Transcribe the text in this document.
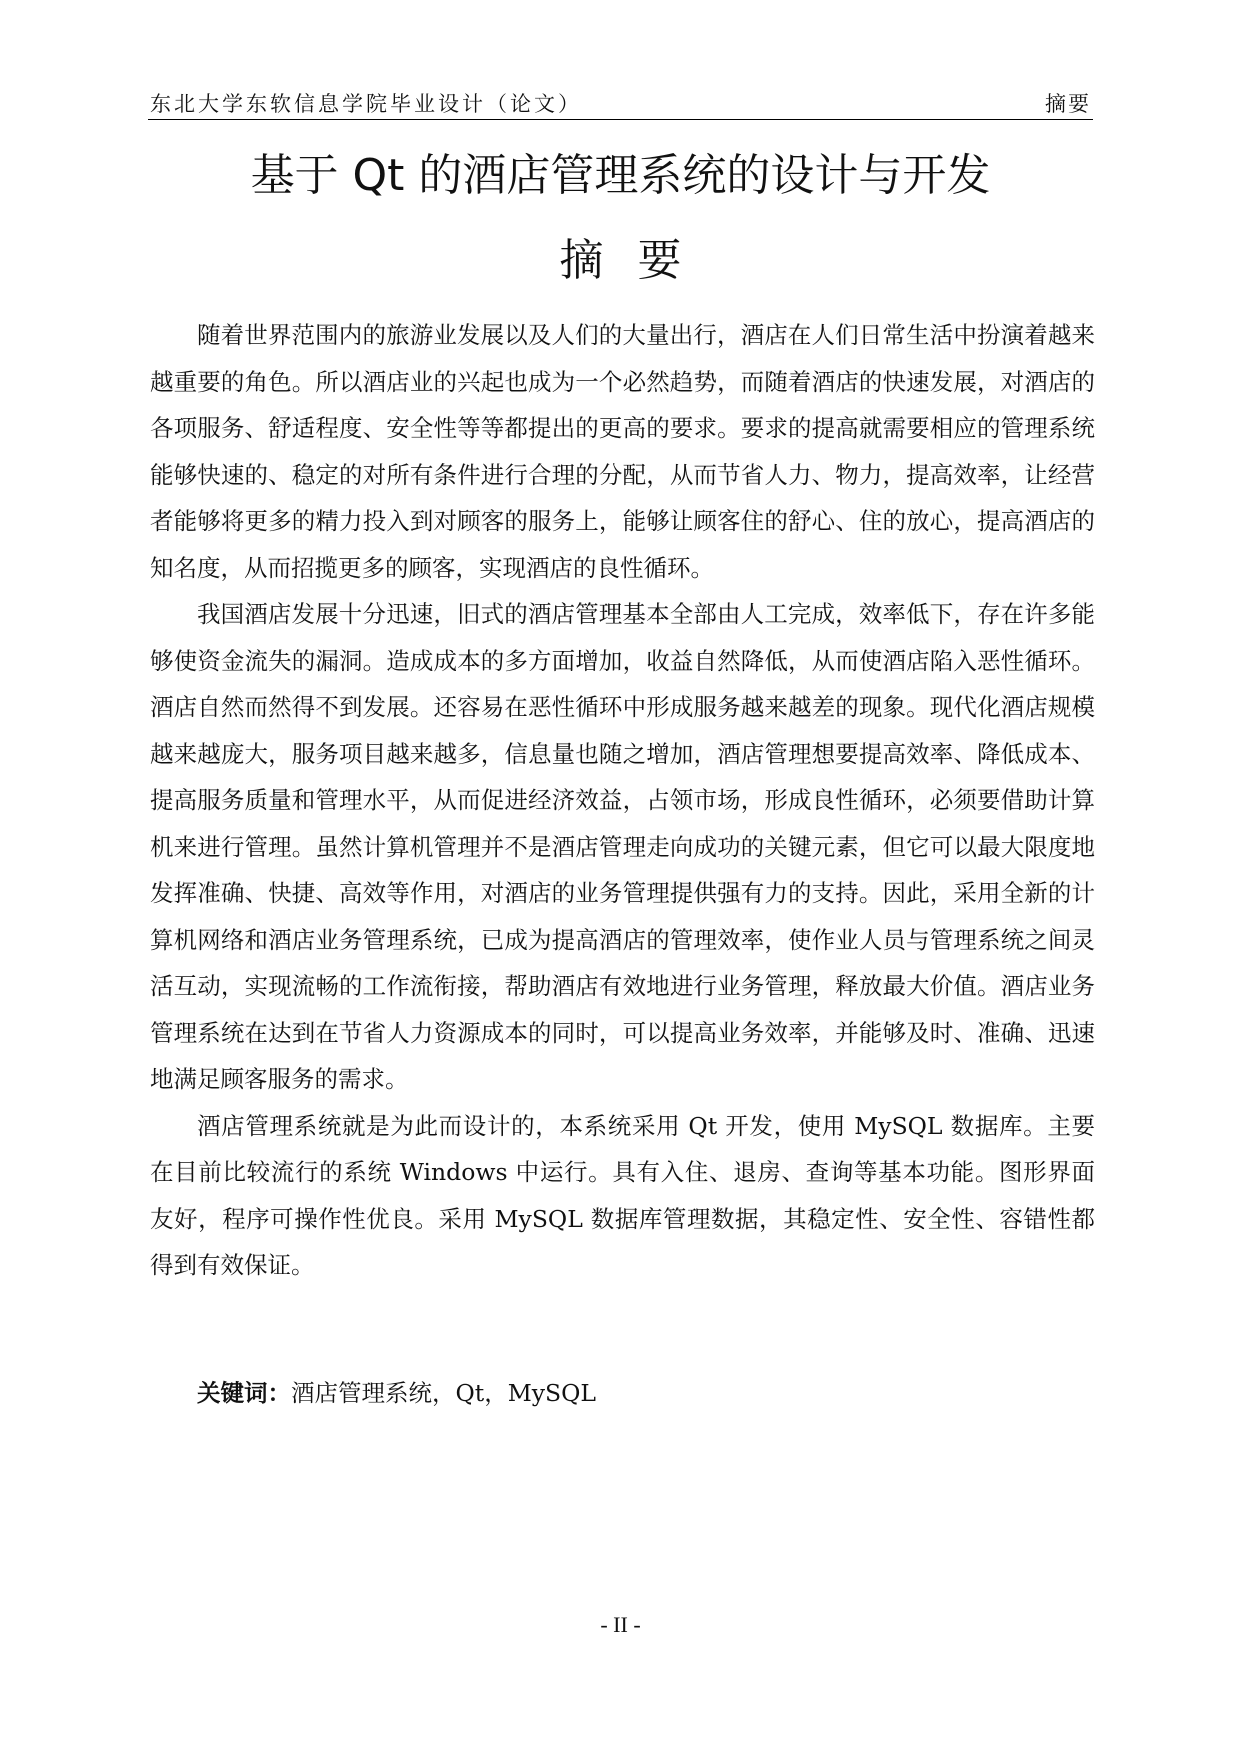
东北大学东软信息学院毕业设计（论文）	摘要
基于 Qt 的酒店管理系统的设计与开发
摘要

随着世界范围内的旅游业发展以及人们的大量出行，酒店在人们日常生活中扮演着越来越重要的角色。所以酒店业的兴起也成为一个必然趋势，而随着酒店的快速发展，对酒店的各项服务、舒适程度、安全性等等都提出的更高的要求。要求的提高就需要相应的管理系统能够快速的、稳定的对所有条件进行合理的分配，从而节省人力、物力，提高效率，让经营者能够将更多的精力投入到对顾客的服务上，能够让顾客住的舒心、住的放心，提高酒店的知名度，从而招揽更多的顾客，实现酒店的良性循环。

我国酒店发展十分迅速，旧式的酒店管理基本全部由人工完成，效率低下，存在许多能够使资金流失的漏洞。造成成本的多方面增加，收益自然降低，从而使酒店陷入恶性循环。酒店自然而然得不到发展。还容易在恶性循环中形成服务越来越差的现象。现代化酒店规模越来越庞大，服务项目越来越多，信息量也随之增加，酒店管理想要提高效率、降低成本、提高服务质量和管理水平，从而促进经济效益，占领市场，形成良性循环，必须要借助计算机来进行管理。虽然计算机管理并不是酒店管理走向成功的关键元素，但它可以最大限度地发挥准确、快捷、高效等作用，对酒店的业务管理提供强有力的支持。因此，采用全新的计算机网络和酒店业务管理系统，已成为提高酒店的管理效率，使作业人员与管理系统之间灵活互动，实现流畅的工作流衔接，帮助酒店有效地进行业务管理，释放最大价值。酒店业务管理系统在达到在节省人力资源成本的同时，可以提高业务效率，并能够及时、准确、迅速地满足顾客服务的需求。

酒店管理系统就是为此而设计的，本系统采用 Qt 开发，使用 MySQL 数据库。主要在目前比较流行的系统 Windows 中运行。具有入住、退房、查询等基本功能。图形界面友好，程序可操作性优良。采用 MySQL 数据库管理数据，其稳定性、安全性、容错性都得到有效保证。

关键词：酒店管理系统，Qt，MySQL
- II -
